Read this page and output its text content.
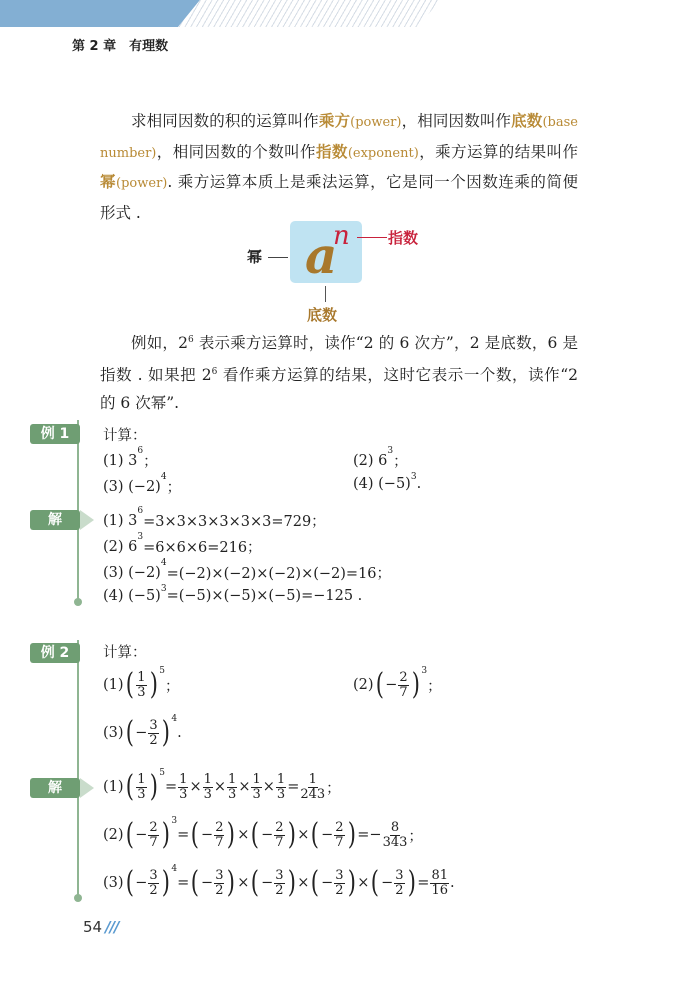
第 2 章　有理数
求相同因数的积的运算叫作乘方(power)，相同因数叫作底数(base number)，相同因数的个数叫作指数(exponent)，乘方运算的结果叫作幂(power). 乘方运算本质上是乘法运算，它是同一个因数连乘的简便形式 .
a
n
幂
指数
底数
例如，$2^6$ 表示乘方运算时，读作“2 的 6 次方”，2 是底数，6 是指数 . 如果把 $2^6$ 看作乘方运算的结果，这时它表示一个数，读作“2 的 6 次幂”.
例 1
解
计算：
(1) 3
6
；	(2) 6
3
；
(3) (−2)
4
；	(4) (−5) 3 .
(1) 3
6
=3×3×3×3×3×3=729；
(2) 6
3
=6×6×6=216；
(3) (−2)
4
=(−2)×(−2)×(−2)×(−2)=16；
(4) (−5) 3 =(−5)×(−5)×(−5)=−125 .
例 2
解
计算：
(1) ( $\frac{1}{3}$ ) 5
；	(2) ( − $\frac{2}{7}$ ) 3
；
(3) ( − $\frac{3}{2}$ ) 4
.
(1) ( $\frac{1}{3}$ ) 5
= $\frac{1}{3} \times \frac{1}{3} \times \frac{1}{3} \times \frac{1}{3} \times \frac{1}{3} = \frac{1}{243}$ ；
(2) ( − $\frac{2}{7}$ ) 3
= ( − $\frac{2}{7}$ ) × ( − $\frac{2}{7}$ ) × ( − $\frac{2}{7}$ ) =− $\frac{8}{343}$ ；
(3) ( − $\frac{3}{2}$ ) 4
= ( − $\frac{3}{2}$ ) × ( − $\frac{3}{2}$ ) × ( − $\frac{3}{2}$ ) × ( − $\frac{3}{2}$ ) = $\frac{81}{16}$ .
54 ///
